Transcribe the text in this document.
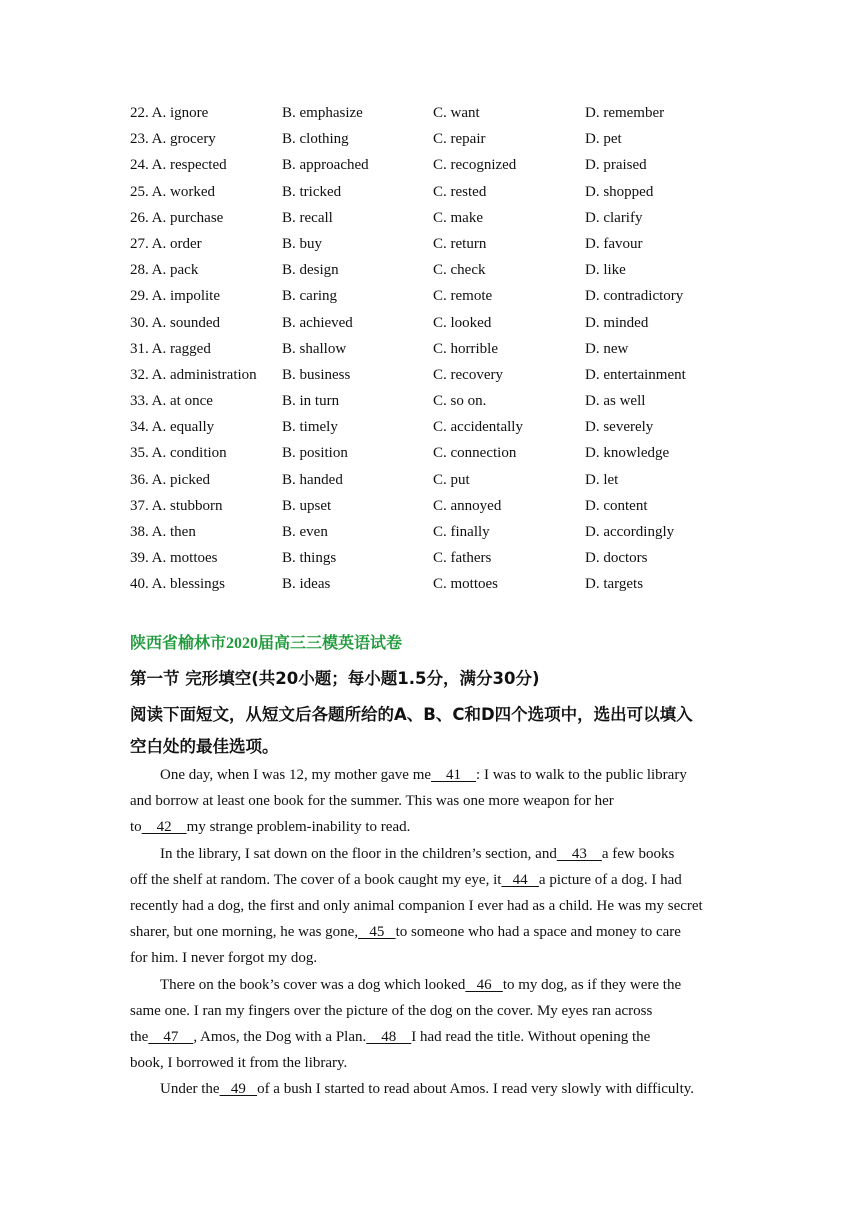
22. A. ignore	B. emphasize	C. want	D. remember
23. A. grocery	B. clothing	C. repair	D. pet
24. A. respected	B. approached	C. recognized	D. praised
25. A. worked	B. tricked	C. rested	D. shopped
26. A. purchase	B. recall	C. make	D. clarify
27. A. order	B. buy	C. return	D. favour
28. A. pack	B. design	C. check	D. like
29. A. impolite	B. caring	C. remote	D. contradictory
30. A. sounded	B. achieved	C. looked	D. minded
31. A. ragged	B. shallow	C. horrible	D. new
32. A. administration B. business	C. recovery	D. entertainment
33. A. at once	B. in turn	C. so on.	D. as well
34. A. equally	B. timely	C. accidentally	D. severely
35. A. condition	B. position	C. connection	D. knowledge
36. A. picked	B. handed	C. put	D. let
37. A. stubborn	B. upset	C. annoyed	D. content
38. A. then	B. even	C. finally	D. accordingly
39. A. mottoes	B. things	C. fathers	D. doctors
40. A. blessings	B. ideas	C. mottoes	D. targets
陕西省榆林市2020届高三三模英语试卷
第一节 完形填空(共20小题；每小题1.5分，满分30分)
阅读下面短文，从短文后各题所给的A、B、C和D四个选项中，选出可以填入
空白处的最佳选项。
One day, when I was 12, my mother gave me    41    : I was to walk to the public library
and borrow at least one book for the summer. This was one more weapon for her
to    42    my strange problem-inability to read.
In the library, I sat down on the floor in the children’s section, and    43    a few books
off the shelf at random. The cover of a book caught my eye, it   44   a picture of a dog. I had
recently had a dog, the first and only animal companion I ever had as a child. He was my secret
sharer, but one morning, he was gone,   45   to someone who had a space and money to care
for him. I never forgot my dog.
There on the book’s cover was a dog which looked   46   to my dog, as if they were the
same one. I ran my fingers over the picture of the dog on the cover. My eyes ran across
the    47    , Amos, the Dog with a Plan.    48    I had read the title. Without opening the
book, I borrowed it from the library.
Under the   49   of a bush I started to read about Amos. I read very slowly with difficulty.
